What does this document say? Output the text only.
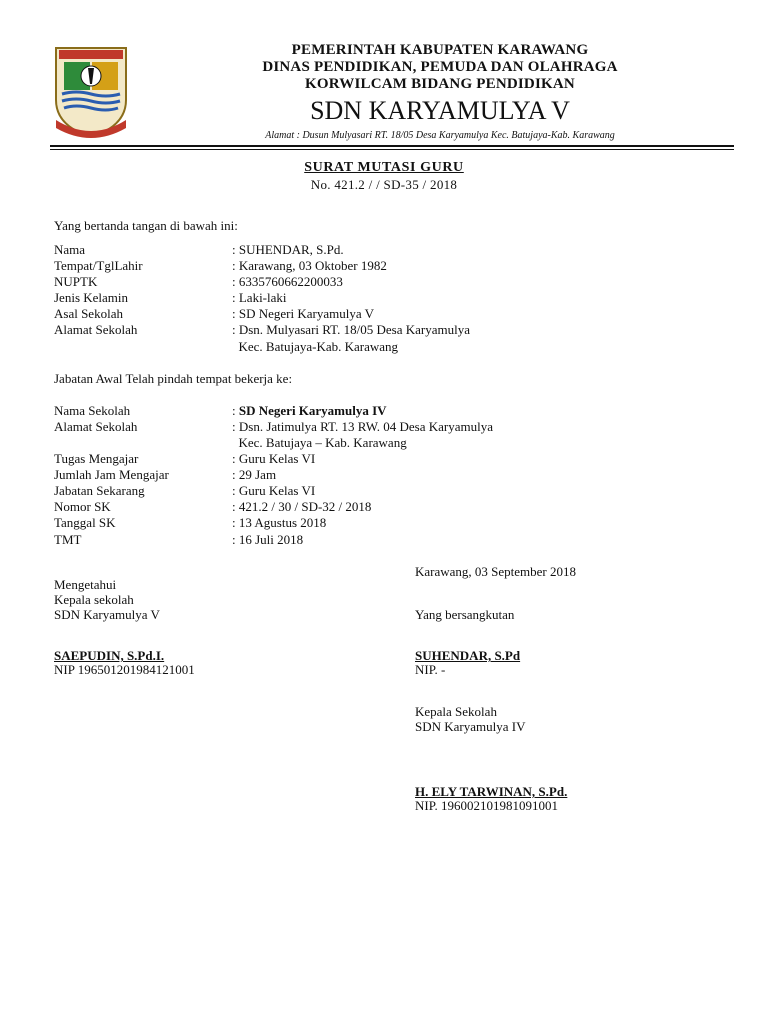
PEMERINTAH KABUPATEN KARAWANG
DINAS PENDIDIKAN, PEMUDA DAN OLAHRAGA
KORWILCAM BIDANG PENDIDIKAN
SDN KARYAMULYA V
Alamat : Dusun Mulyasari RT. 18/05 Desa Karyamulya Kec. Batujaya-Kab. Karawang
SURAT MUTASI GURU
No. 421.2 / / SD-35 / 2018
Yang bertanda tangan di bawah ini:
Nama	: SUHENDAR, S.Pd.
Tempat/TglLahir	: Karawang, 03 Oktober 1982
NUPTK	: 6335760662200033
Jenis Kelamin	: Laki-laki
Asal Sekolah	: SD Negeri Karyamulya V
Alamat Sekolah	: Dsn. Mulyasari RT. 18/05 Desa Karyamulya
Kec. Batujaya-Kab. Karawang
Jabatan Awal Telah pindah tempat bekerja ke:
Nama Sekolah	: SD Negeri Karyamulya IV
Alamat Sekolah	: Dsn. Jatimulya RT. 13 RW. 04 Desa Karyamulya
Kec. Batujaya – Kab. Karawang
Tugas Mengajar	: Guru Kelas VI
Jumlah Jam Mengajar	: 29 Jam
Jabatan Sekarang	: Guru Kelas VI
Nomor SK	: 421.2 / 30 / SD-32 / 2018
Tanggal SK	: 13 Agustus 2018
TMT	: 16 Juli 2018
Karawang, 03 September 2018
Mengetahui
Kepala sekolah
SDN Karyamulya V
SAEPUDIN, S.Pd.I.
NIP 196501201984121001
Yang bersangkutan
SUHENDAR, S.Pd
NIP. -
Kepala Sekolah
SDN Karyamulya IV
H. ELY TARWINAN, S.Pd.
NIP. 196002101981091001
